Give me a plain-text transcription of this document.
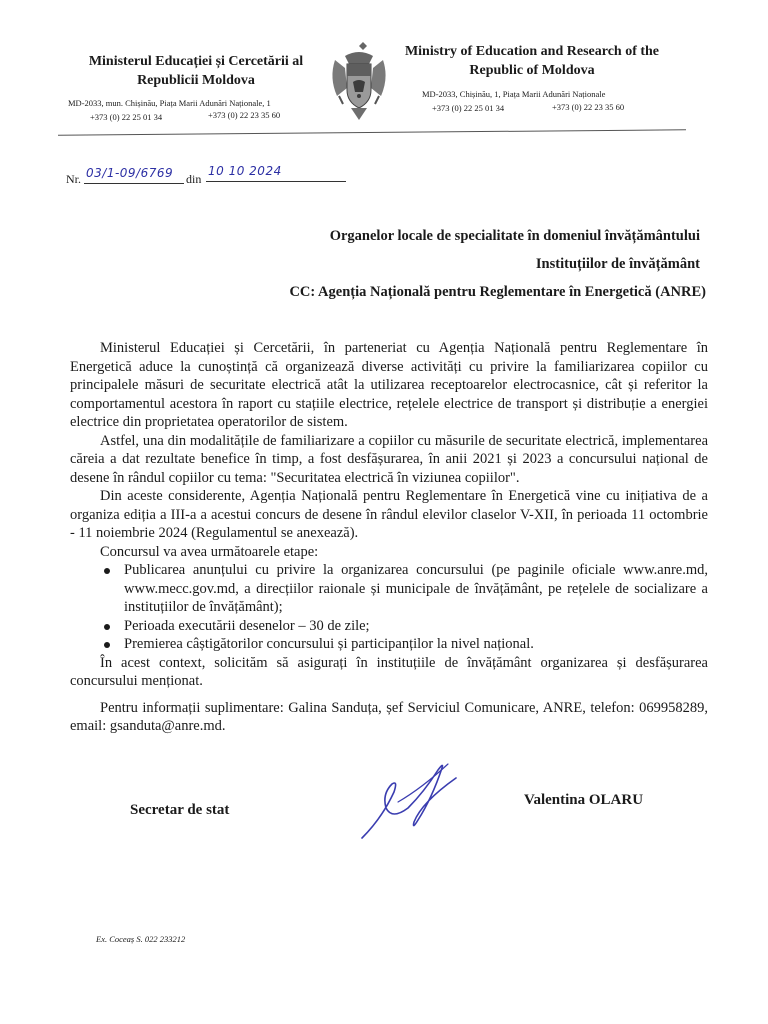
Ministerul Educației și Cercetării al Republicii Moldova
MD-2033, mun. Chișinău, Piața Marii Adunări Naționale, 1
+373 (0) 22 25 01 34	+373 (0) 22 23 35 60
Ministry of Education and Research of the Republic of Moldova
MD-2033, Chișinău, 1, Piața Marii Adunări Naționale
+373 (0) 22 25 01 34	+373 (0) 22 23 35 60
Nr. 03/1-09/6769 din
10 10 2024
Organelor locale de specialitate în domeniul învățământului
Instituțiilor de învățământ
CC: Agenția Națională pentru Reglementare în Energetică (ANRE)

Ministerul Educației și Cercetării, în parteneriat cu Agenția Națională pentru Reglementare în Energetică aduce la cunoștință că organizează diverse activități cu privire la familiarizarea copiilor cu principalele măsuri de securitate electrică atât la utilizarea receptoarelor electrocasnice, cât și referitor la comportamentul acestora în raport cu stațiile electrice, rețelele electrice de transport și distribuție a energiei electrice din proprietatea operatorilor de sistem.

Astfel, una din modalitățile de familiarizare a copiilor cu măsurile de securitate electrică, implementarea căreia a dat rezultate benefice în timp, a fost desfășurarea, în anii 2021 și 2023 a concursului național de desene în rândul copiilor cu tema: "Securitatea electrică în viziunea copiilor".

Din aceste considerente, Agenția Națională pentru Reglementare în Energetică vine cu inițiativa de a organiza ediția a III-a a acestui concurs de desene în rândul elevilor claselor V-XII, în perioada 11 octombrie - 11 noiembrie 2024 (Regulamentul se anexează).

Concursul va avea următoarele etape:

Publicarea anunțului cu privire la organizarea concursului (pe paginile oficiale www.anre.md, www.mecc.gov.md, a direcțiilor raionale și municipale de învățământ, pe rețelele de socializare a instituțiilor de învățământ);
Perioada executării desenelor – 30 de zile;
Premierea câștigătorilor concursului și participanților la nivel național.

În acest context, solicităm să asigurați în instituțiile de învățământ organizarea și desfășurarea concursului menționat.

Pentru informații suplimentare: Galina Sanduța, șef Serviciul Comunicare, ANRE, telefon: 069958289, email: gsanduta@anre.md.

Secretar de stat
Valentina OLARU
Ex. Coceaș S. 022 233212
